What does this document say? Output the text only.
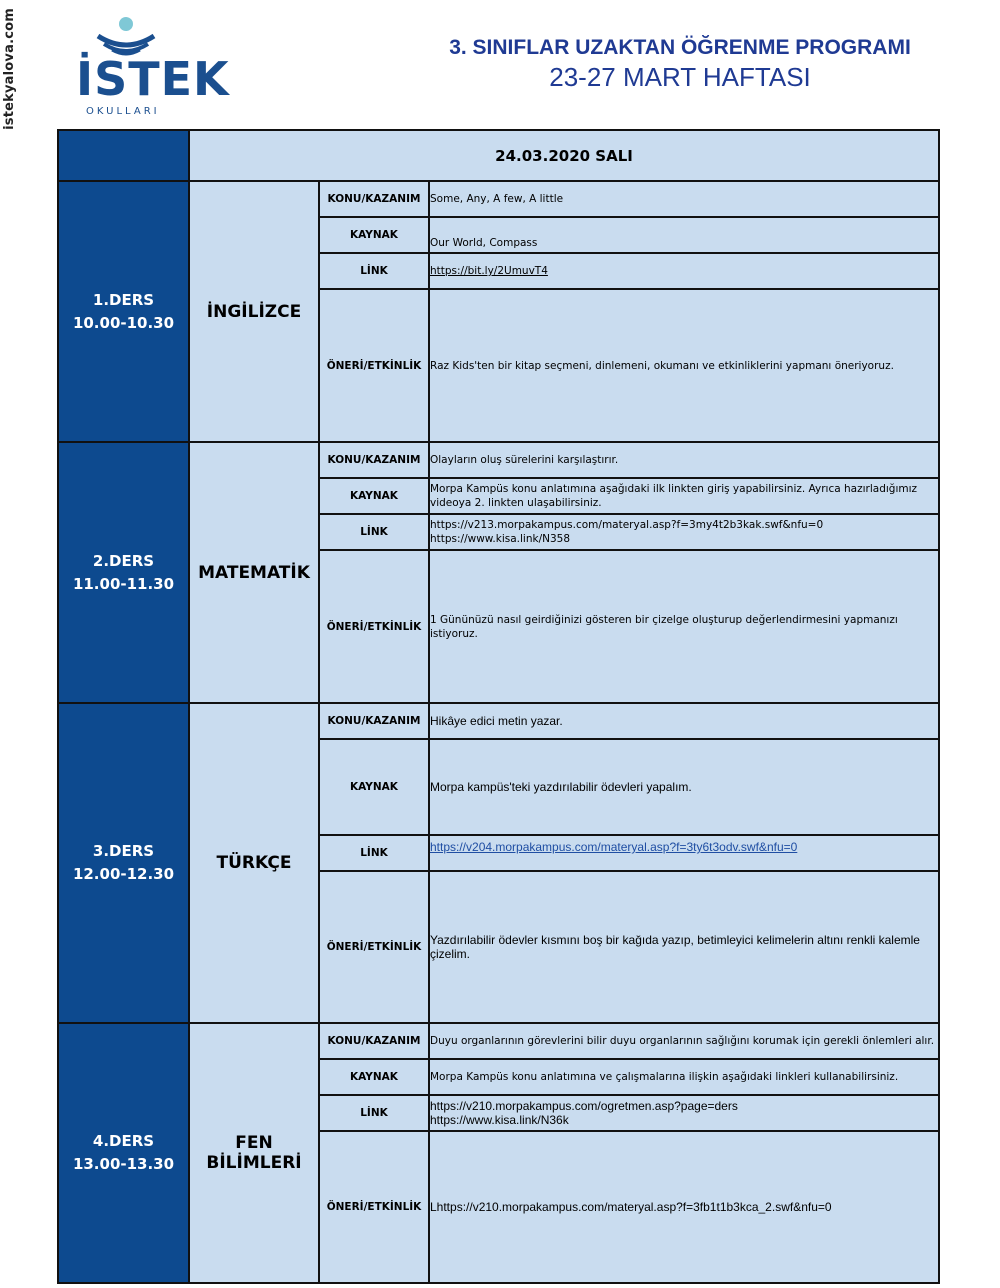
istekyalova.com İSTEK
OKULLARI
3. SINIFLAR UZAKTAN ÖĞRENME PROGRAMI
23-27 MART HAFTASI
	24.03.2020 SALI		

1.DERS
10.00-10.30	İNGİLİZCE	KONU/KAZANIM	Some, Any, A few, A little
		KAYNAK	Our World, Compass
		LİNK	https://bit.ly/2UmuvT4
		ÖNERİ/ETKİNLİK	Raz Kids'ten bir kitap seçmeni, dinlemeni, okumanı ve etkinliklerini yapmanı öneriyoruz.

2.DERS
11.00-11.30	MATEMATİK	KONU/KAZANIM	Olayların oluş sürelerini karşılaştırır.
		KAYNAK	Morpa Kampüs konu anlatımına aşağıdaki ilk linkten giriş yapabilirsiniz. Ayrıca hazırladığımız videoya 2. linkten ulaşabilirsiniz.
		LİNK	https://v213.morpakampus.com/materyal.asp?f=3my4t2b3kak.swf&nfu=0
https://www.kisa.link/N358

		ÖNERİ/ETKİNLİK	1 Gününüzü nasıl geirdiğinizi gösteren bir çizelge oluşturup değerlendirmesini yapmanızı istiyoruz.

3.DERS
12.00-12.30	TÜRKÇE	KONU/KAZANIM	Hikâye edici metin yazar.
		KAYNAK	Morpa kampüs'teki yazdırılabilir ödevleri yapalım.
		LİNK	https://v204.morpakampus.com/materyal.asp?f=3ty6t3odv.swf&nfu=0
		ÖNERİ/ETKİNLİK	Yazdırılabilir ödevler kısmını boş bir kağıda yazıp, betimleyici kelimelerin altını renkli kalemle çizelim.

4.DERS
13.00-13.30	FEN BİLİMLERİ	KONU/KAZANIM	Duyu organlarının görevlerini bilir duyu organlarının sağlığını korumak için gerekli önlemleri alır.
		KAYNAK	Morpa Kampüs konu anlatımına ve çalışmalarına ilişkin aşağıdaki linkleri kullanabilirsiniz.
		LİNK	https://v210.morpakampus.com/ogretmen.asp?page=ders
https://www.kisa.link/N36k

		ÖNERİ/ETKİNLİK	Lhttps://v210.morpakampus.com/materyal.asp?f=3fb1t1b3kca_2.swf&nfu=0
